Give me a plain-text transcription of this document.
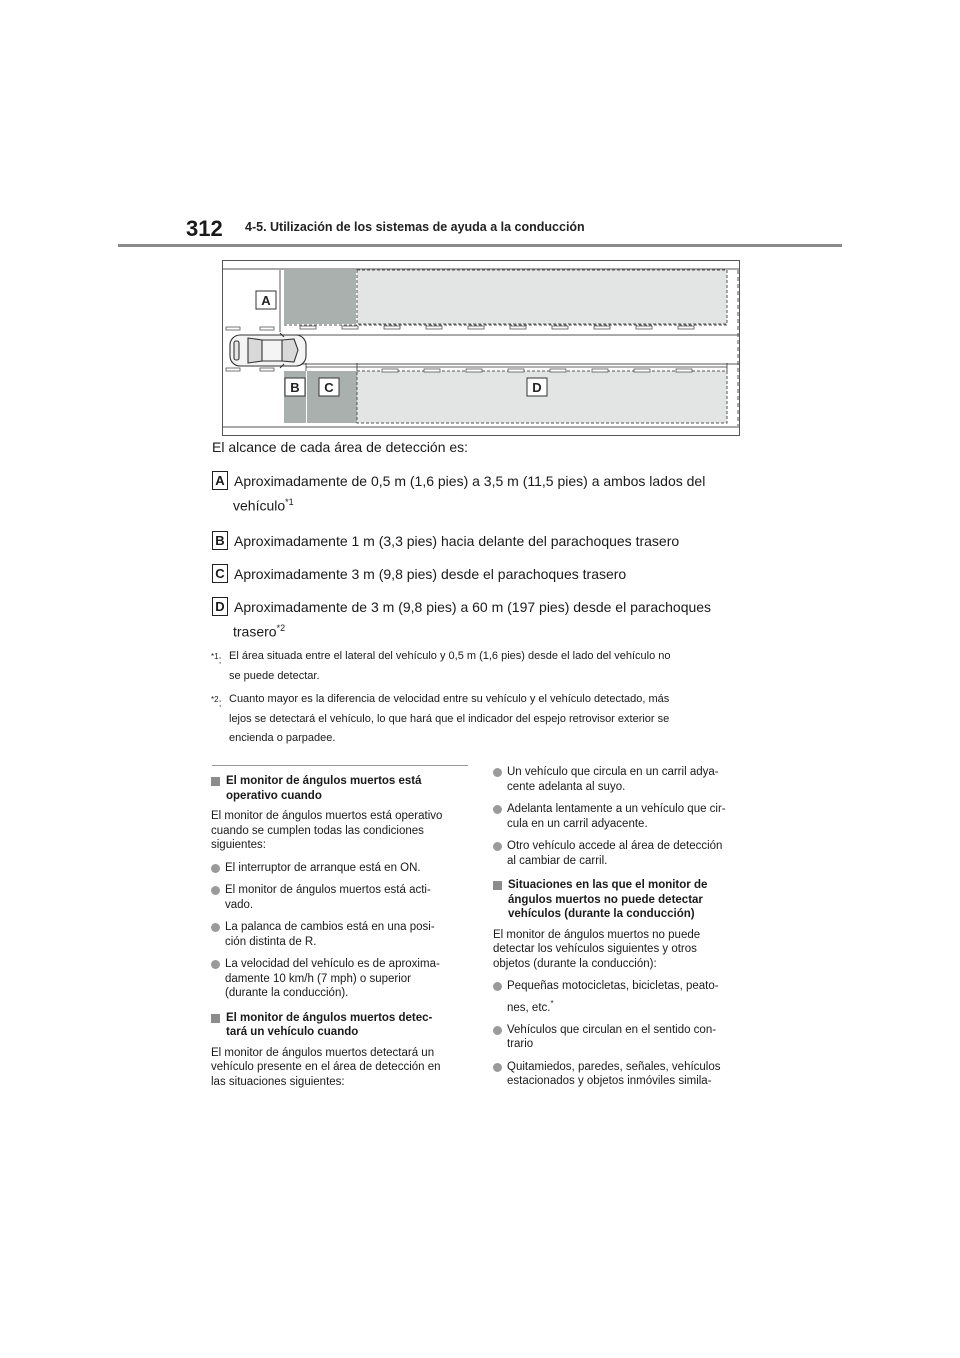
312 4-5. Utilización de los sistemas de ayuda a la conducción
A
B C	D
El alcance de cada área de detección es:
A Aproximadamente de 0,5 m (1,6 pies) a 3,5 m (11,5 pies) a ambos lados del
vehículo$^{*1}$
B Aproximadamente 1 m (3,3 pies) hacia delante del parachoques trasero
C Aproximadamente 3 m (9,8 pies) desde el parachoques trasero
D Aproximadamente de 3 m (9,8 pies) a 60 m (197 pies) desde el parachoques
trasero$^{*2}$
$^{*1}$: El área situada entre el lateral del vehículo y 0,5 m (1,6 pies) desde el lado del vehículo no
se puede detectar.
$^{*2}$: Cuanto mayor es la diferencia de velocidad entre su vehículo y el vehículo detectado, más
lejos se detectará el vehículo, lo que hará que el indicador del espejo retrovisor exterior se
encienda o parpadee.
El monitor de ángulos muertos está
operativo cuando
El monitor de ángulos muertos está operativo
cuando se cumplen todas las condiciones
siguientes:
El interruptor de arranque está en ON.
El monitor de ángulos muertos está acti-
vado.
La palanca de cambios está en una posi-
ción distinta de R.
La velocidad del vehículo es de aproxima-
damente 10 km/h (7 mph) o superior
(durante la conducción).
El monitor de ángulos muertos detec-
tará un vehículo cuando
El monitor de ángulos muertos detectará un
vehículo presente en el área de detección en
las situaciones siguientes:
Un vehículo que circula en un carril adya-
cente adelanta al suyo.
Adelanta lentamente a un vehículo que cir-
cula en un carril adyacente.
Otro vehículo accede al área de detección
al cambiar de carril.
Situaciones en las que el monitor de
ángulos muertos no puede detectar
vehículos (durante la conducción)
El monitor de ángulos muertos no puede
detectar los vehículos siguientes y otros
objetos (durante la conducción):
Pequeñas motocicletas, bicicletas, peato-
nes, etc.*
Vehículos que circulan en el sentido con-
trario
Quitamiedos, paredes, señales, vehículos
estacionados y objetos inmóviles simila-
